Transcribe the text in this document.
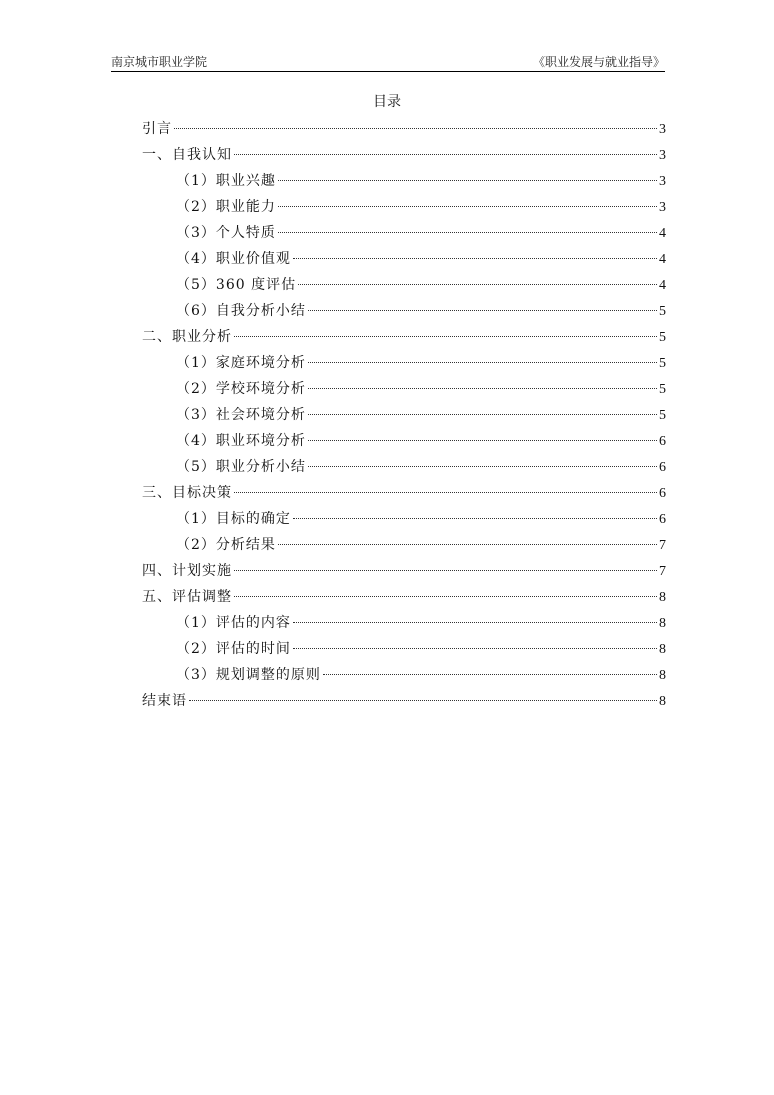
南京城市职业学院	《职业发展与就业指导》
目录
引言	3
一、自我认知	3
（1）职业兴趣	3
（2）职业能力	3
（3）个人特质	4
（4）职业价值观	4
（5）360 度评估	4
（6）自我分析小结	5
二、职业分析	5
（1）家庭环境分析	5
（2）学校环境分析	5
（3）社会环境分析	5
（4）职业环境分析	6
（5）职业分析小结	6
三、目标决策	6
（1）目标的确定	6
（2）分析结果	7
四、计划实施	7
五、评估调整	8
（1）评估的内容	8
（2）评估的时间	8
（3）规划调整的原则	8
结束语	8
